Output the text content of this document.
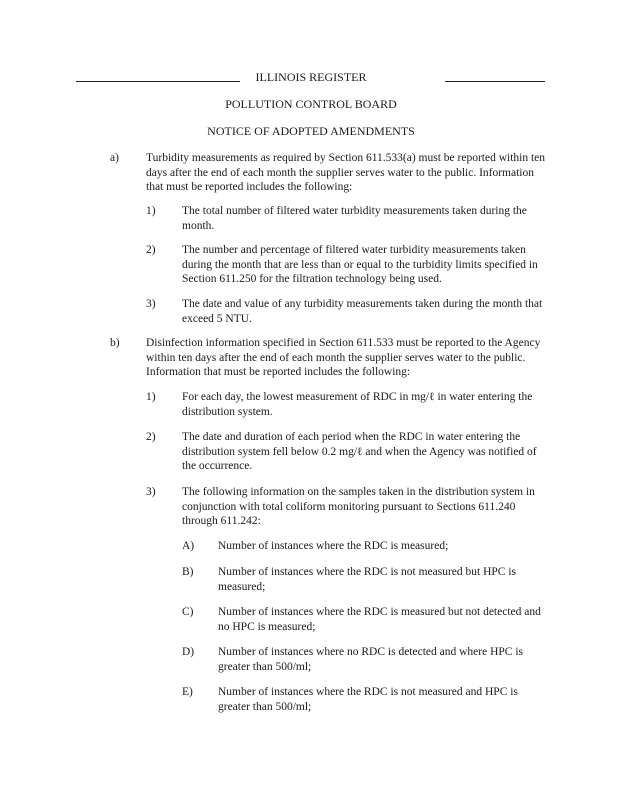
ILLINOIS REGISTER
POLLUTION CONTROL BOARD
NOTICE OF ADOPTED AMENDMENTS
a) Turbidity measurements as required by Section 611.533(a) must be reported within ten days after the end of each month the supplier serves water to the public. Information that must be reported includes the following:
1) The total number of filtered water turbidity measurements taken during the month.
2) The number and percentage of filtered water turbidity measurements taken during the month that are less than or equal to the turbidity limits specified in Section 611.250 for the filtration technology being used.
3) The date and value of any turbidity measurements taken during the month that exceed 5 NTU.
b) Disinfection information specified in Section 611.533 must be reported to the Agency within ten days after the end of each month the supplier serves water to the public. Information that must be reported includes the following:
1) For each day, the lowest measurement of RDC in mg/ℓ in water entering the distribution system.
2) The date and duration of each period when the RDC in water entering the distribution system fell below 0.2 mg/ℓ and when the Agency was notified of the occurrence.
3) The following information on the samples taken in the distribution system in conjunction with total coliform monitoring pursuant to Sections 611.240 through 611.242:
A) Number of instances where the RDC is measured;
B) Number of instances where the RDC is not measured but HPC is measured;
C) Number of instances where the RDC is measured but not detected and no HPC is measured;
D) Number of instances where no RDC is detected and where HPC is greater than 500/ml;
E) Number of instances where the RDC is not measured and HPC is greater than 500/ml;
